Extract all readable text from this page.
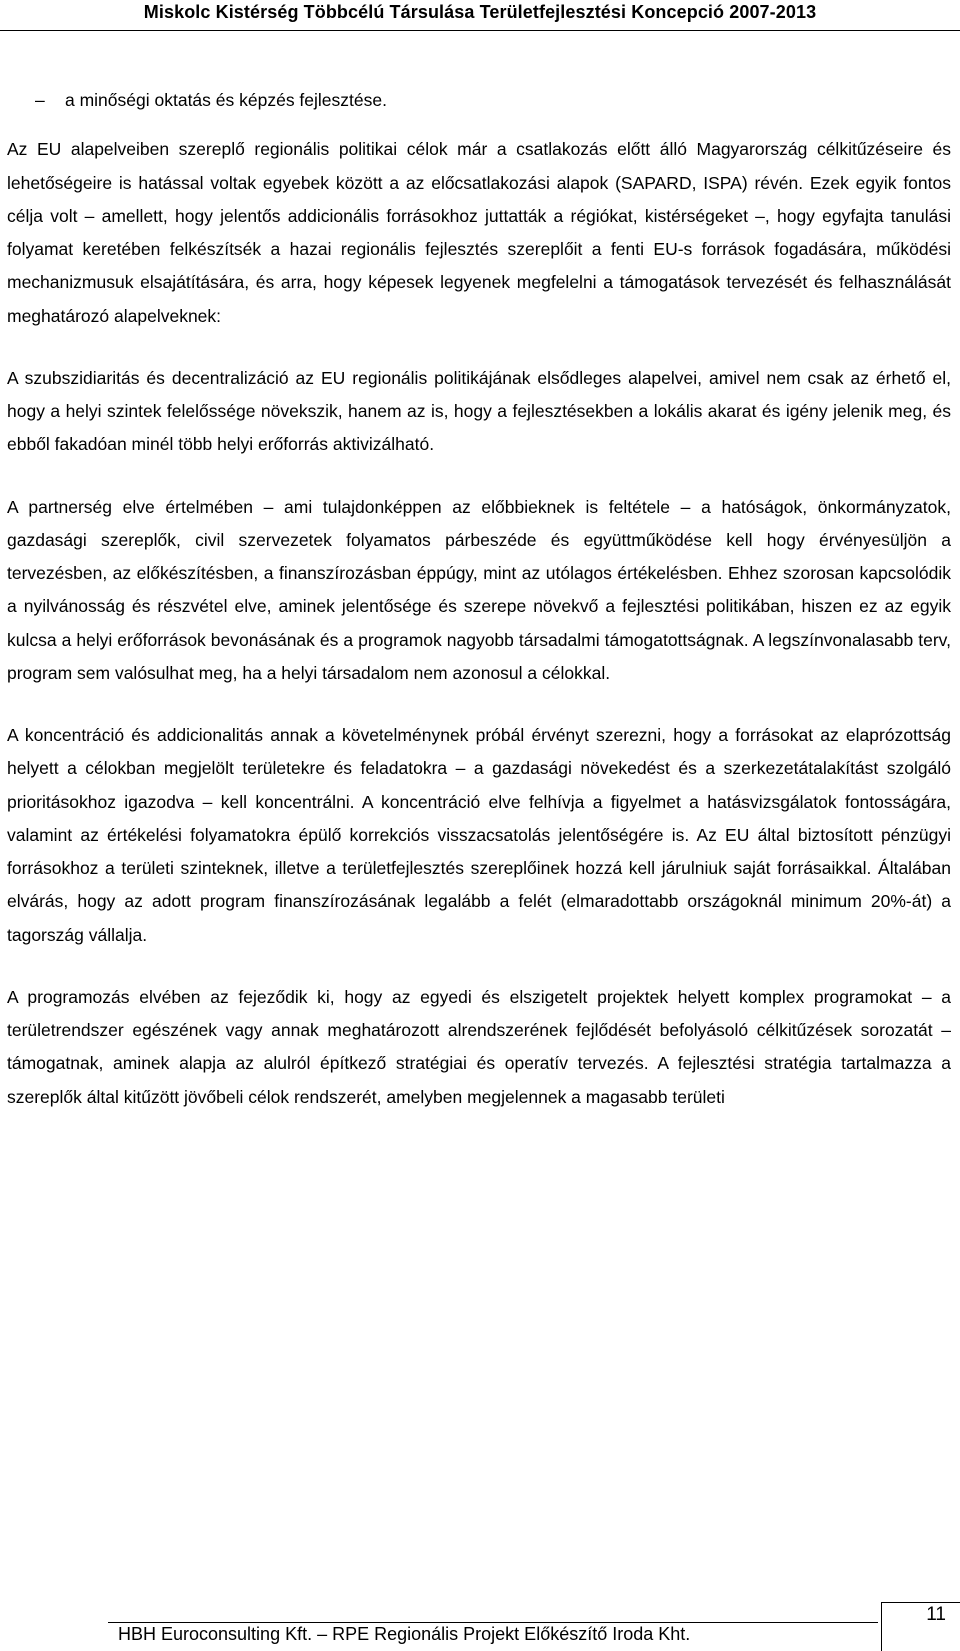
Miskolc Kistérség Többcélú Társulása Területfejlesztési Koncepció 2007-2013
–	a minőségi oktatás és képzés fejlesztése.

Az EU alapelveiben szereplő regionális politikai célok már a csatlakozás előtt álló Magyarország célkitűzéseire és lehetőségeire is hatással voltak egyebek között a az előcsatlakozási alapok (SAPARD, ISPA) révén. Ezek egyik fontos célja volt – amellett, hogy jelentős addicionális forrásokhoz juttatták a régiókat, kistérségeket –, hogy egyfajta tanulási folyamat keretében felkészítsék a hazai regionális fejlesztés szereplőit a fenti EU-s források fogadására, működési mechanizmusuk elsajátítására, és arra, hogy képesek legyenek megfelelni a támogatások tervezését és felhasználását meghatározó alapelveknek:

A szubszidiaritás és decentralizáció az EU regionális politikájának elsődleges alapelvei, amivel nem csak az érhető el, hogy a helyi szintek felelőssége növekszik, hanem az is, hogy a fejlesztésekben a lokális akarat és igény jelenik meg, és ebből fakadóan minél több helyi erőforrás aktivizálható.

A partnerség elve értelmében – ami tulajdonképpen az előbbieknek is feltétele – a hatóságok, önkormányzatok, gazdasági szereplők, civil szervezetek folyamatos párbeszéde és együttműködése kell hogy érvényesüljön a tervezésben, az előkészítésben, a finanszírozásban éppúgy, mint az utólagos értékelésben. Ehhez szorosan kapcsolódik a nyilvánosság és részvétel elve, aminek jelentősége és szerepe növekvő a fejlesztési politikában, hiszen ez az egyik kulcsa a helyi erőforrások bevonásának és a programok nagyobb társadalmi támogatottságnak. A legszínvonalasabb terv, program sem valósulhat meg, ha a helyi társadalom nem azonosul a célokkal.

A koncentráció és addicionalitás annak a követelménynek próbál érvényt szerezni, hogy a forrásokat az elaprózottság helyett a célokban megjelölt területekre és feladatokra – a gazdasági növekedést és a szerkezetátalakítást szolgáló prioritásokhoz igazodva – kell koncentrálni. A koncentráció elve felhívja a figyelmet a hatásvizsgálatok fontosságára, valamint az értékelési folyamatokra épülő korrekciós visszacsatolás jelentőségére is. Az EU által biztosított pénzügyi forrásokhoz a területi szinteknek, illetve a területfejlesztés szereplőinek hozzá kell járulniuk saját forrásaikkal. Általában elvárás, hogy az adott program finanszírozásának legalább a felét (elmaradottabb országoknál minimum 20%-át) a tagország vállalja.

A programozás elvében az fejeződik ki, hogy az egyedi és elszigetelt projektek helyett komplex programokat – a területrendszer egészének vagy annak meghatározott alrendszerének fejlődését befolyásoló célkitűzések sorozatát – támogatnak, aminek alapja az alulról építkező stratégiai és operatív tervezés. A fejlesztési stratégia tartalmazza a szereplők által kitűzött jövőbeli célok rendszerét, amelyben megjelennek a magasabb területi

HBH Euroconsulting Kft. – RPE Regionális Projekt Előkészítő Iroda Kht.
11
